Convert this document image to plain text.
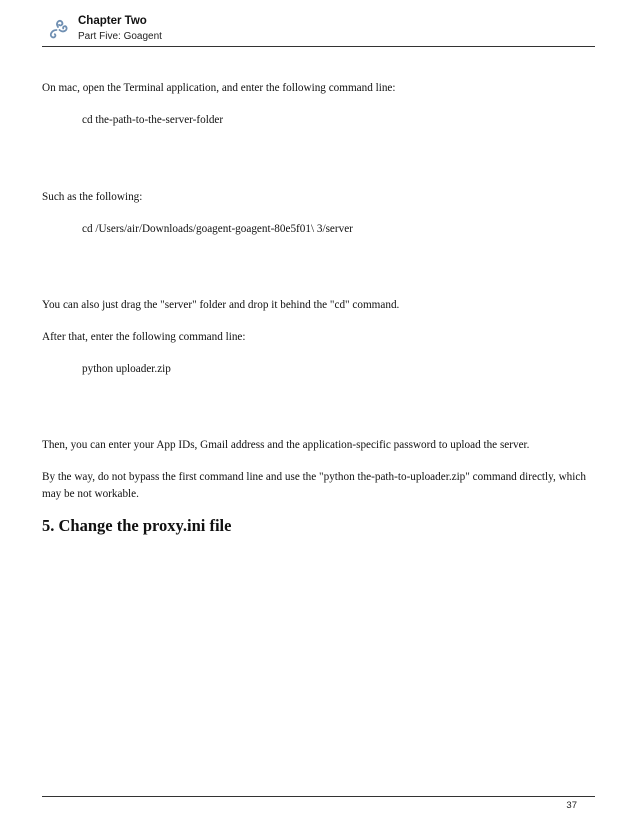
Chapter Two
Part Five: Goagent
On mac, open the Terminal application, and enter the following command line:
cd the-path-to-the-server-folder
Such as the following:
cd /Users/air/Downloads/goagent-goagent-80e5f01\ 3/server
You can also just drag the "server" folder and drop it behind the "cd" command.
After that, enter the following command line:
python uploader.zip
Then, you can enter your App IDs, Gmail address and the application-specific password to upload the server.
By the way, do not bypass the first command line and use the "python the-path-to-uploader.zip" command directly, which may be not workable.
5. Change the proxy.ini file
37
